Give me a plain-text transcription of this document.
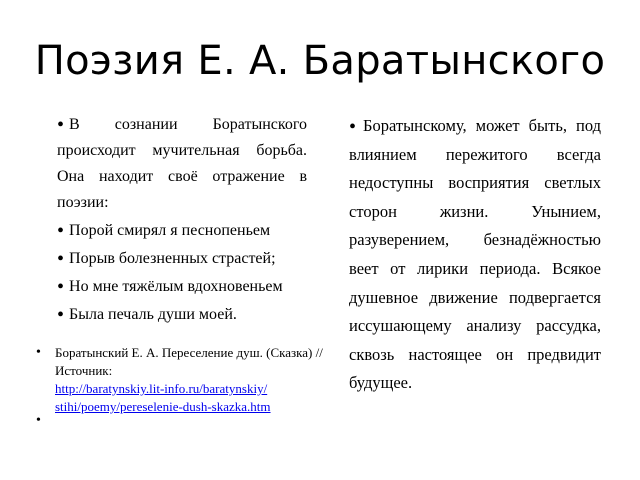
Поэзия Е. А. Баратынского
• В сознании Боратынского происходит мучительная борьба. Она находит своё отражение в поэзии:
• Порой смирял я песнопеньем
• Порыв болезненных страстей;
• Но мне тяжёлым вдохновеньем
• Была печаль души моей.
• Боратынскому, может быть, под влиянием пережитого всегда недоступны восприятия светлых сторон жизни. Унынием, разуверением, безнадёжностью веет от лирики периода. Всякое душевное движение подвергается иссушающему анализу рассудка, сквозь настоящее он предвидит будущее.
• Боратынский Е. А. Переселение душ. (Сказка) // Источник:
http://baratynskiy.lit-info.ru/baratynskiy/
stihi/poemy/pereselenie-dush-skazka.htm
•
